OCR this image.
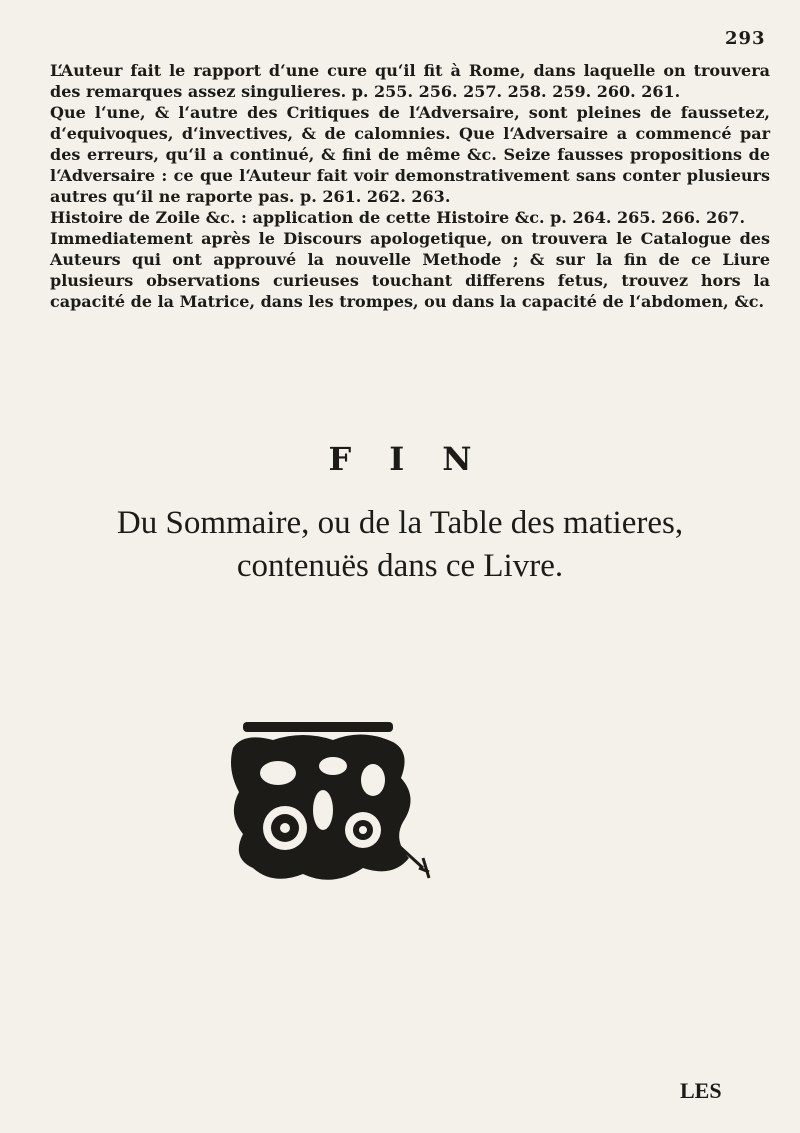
293

L‘Auteur fait le rapport d‘une cure qu‘il fit à Rome, dans laquelle on trouvera des remarques assez singulieres. p. 255. 256. 257. 258. 259. 260. 261.

Que l‘une, & l‘autre des Critiques de l‘Adversaire, sont pleines de faussetez, d‘equivoques, d‘invectives, & de calomnies. Que l‘Adversaire a commencé par des erreurs, qu‘il a continué, & fini de même &c. Seize fausses propositions de l‘Adversaire : ce que l‘Auteur fait voir demonstrativement sans conter plusieurs autres qu‘il ne raporte pas. p. 261. 262. 263.

Histoire de Zoile &c. : application de cette Histoire &c. p. 264. 265. 266. 267.

Immediatement après le Discours apologetique, on trouvera le Catalogue des Auteurs qui ont approuvé la nouvelle Methode ; & sur la fin de ce Liure plusieurs observations curieuses touchant differens fetus, trouvez hors la capacité de la Matrice, dans les trompes, ou dans la capacité de l‘abdomen, &c.

FIN
Du Sommaire, ou de la Table des matieres,
contenuës dans ce Livre.
LES
